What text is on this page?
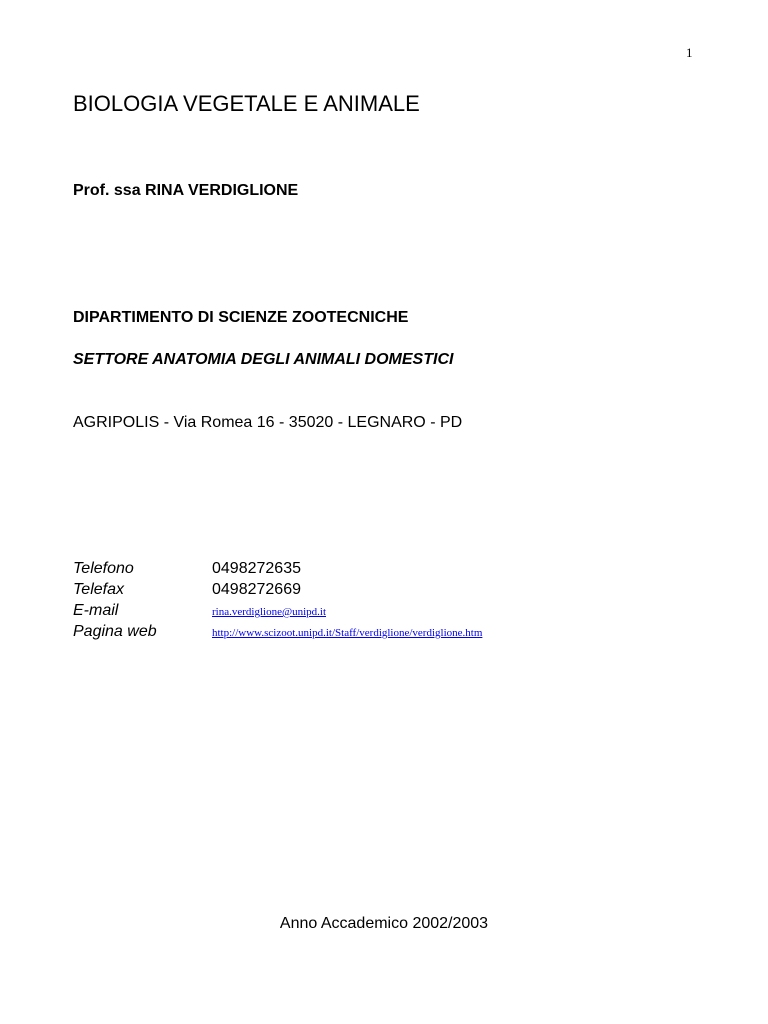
1
BIOLOGIA VEGETALE E ANIMALE
Prof. ssa RINA VERDIGLIONE
DIPARTIMENTO DI SCIENZE ZOOTECNICHE
SETTORE ANATOMIA DEGLI ANIMALI DOMESTICI
AGRIPOLIS - Via Romea 16 - 35020 - LEGNARO - PD
Telefono	0498272635
Telefax	0498272669
E-mail	rina.verdiglione@unipd.it
Pagina web	http://www.scizoot.unipd.it/Staff/verdiglione/verdiglione.htm
Anno Accademico 2002/2003
